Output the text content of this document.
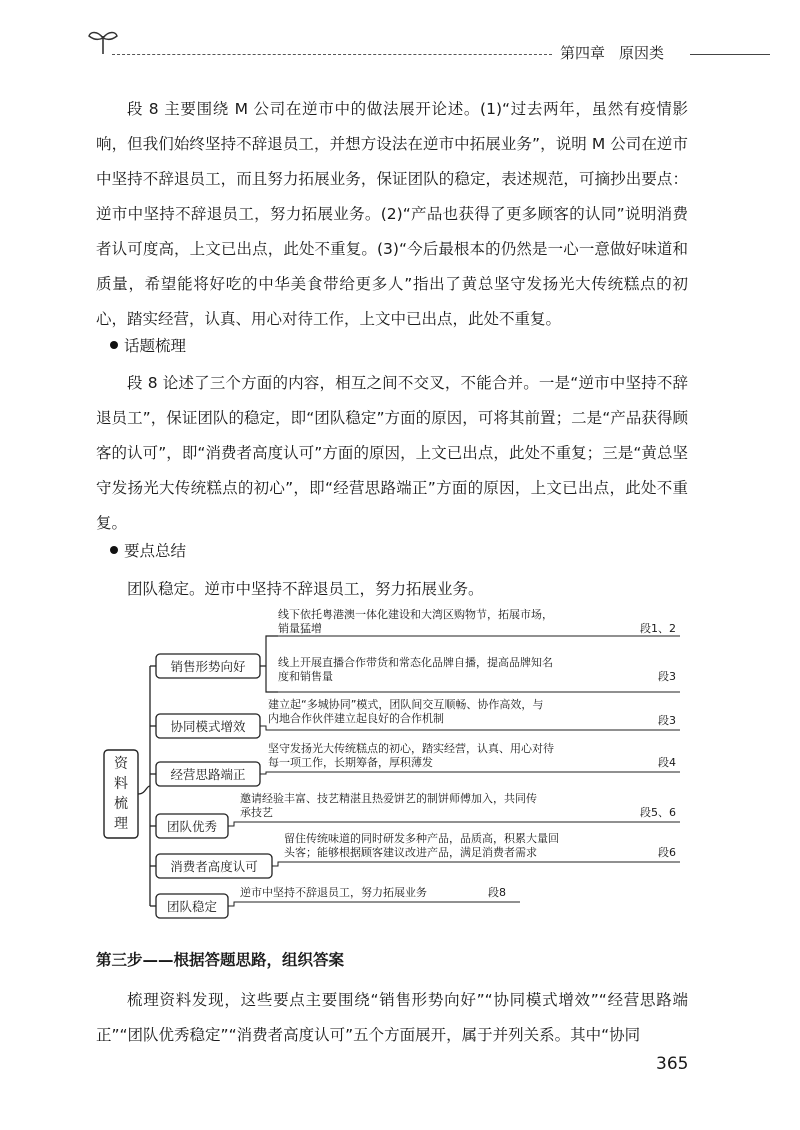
第四章 原因类
段 8 主要围绕 M 公司在逆市中的做法展开论述。(1)“过去两年，虽然有疫情影响，但我们始终坚持不辞退员工，并想方设法在逆市中拓展业务”，说明 M 公司在逆市中坚持不辞退员工，而且努力拓展业务，保证团队的稳定，表述规范，可摘抄出要点：逆市中坚持不辞退员工，努力拓展业务。(2)“产品也获得了更多顾客的认同”说明消费者认可度高，上文已出点，此处不重复。(3)“今后最根本的仍然是一心一意做好味道和质量，希望能将好吃的中华美食带给更多人”指出了黄总坚守发扬光大传统糕点的初心，踏实经营，认真、用心对待工作，上文中已出点，此处不重复。
话题梳理
段 8 论述了三个方面的内容，相互之间不交叉，不能合并。一是“逆市中坚持不辞退员工”，保证团队的稳定，即“团队稳定”方面的原因，可将其前置；二是“产品获得顾客的认可”，即“消费者高度认可”方面的原因，上文已出点，此处不重复；三是“黄总坚守发扬光大传统糕点的初心”，即“经营思路端正”方面的原因，上文已出点，此处不重复。
要点总结
团队稳定。逆市中坚持不辞退员工，努力拓展业务。
资
料
梳
理
销售形势向好
线下依托粤港澳一体化建设和大湾区购物节，拓展市场，
销量猛增	段1、2
线上开展直播合作带货和常态化品牌自播，提高品牌知名
度和销售量	段3
协同模式增效
建立起“多城协同”模式，团队间交互顺畅、协作高效，与
内地合作伙伴建立起良好的合作机制	段3
经营思路端正
坚守发扬光大传统糕点的初心，踏实经营，认真、用心对待
每一项工作，长期筹备，厚积薄发	段4
团队优秀
邀请经验丰富、技艺精湛且热爱饼艺的制饼师傅加入，共同传
承技艺	段5、6
消费者高度认可
留住传统味道的同时研发多种产品，品质高，积累大量回
头客；能够根据顾客建议改进产品，满足消费者需求	段6
团队稳定
逆市中坚持不辞退员工，努力拓展业务	段8
第三步——根据答题思路，组织答案
梳理资料发现，这些要点主要围绕“销售形势向好”“协同模式增效”“经营思路端正”“团队优秀稳定”“消费者高度认可”五个方面展开，属于并列关系。其中“协同
365
